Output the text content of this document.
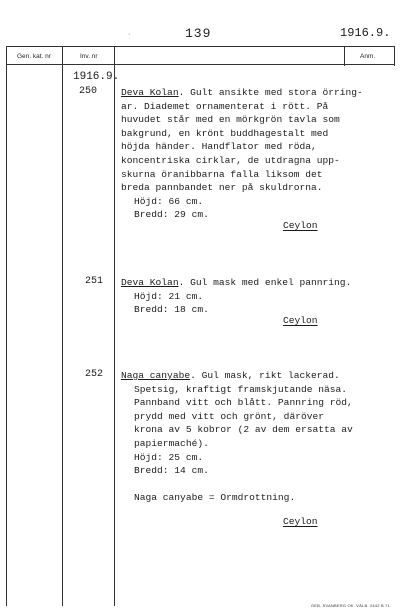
ᐧ	139	1916.9.
Gen. kat. nr	Inv. nr	Anm.
1916.9.
250 Deva Kolan. Gult ansikte med stora örring-
ar. Diademet ornamenterat i rött. På
huvudet står med en mörkgrön tavla som
bakgrund, en krönt buddhagestalt med
höjda händer. Handflator med röda,
koncentriska cirklar, de utdragna upp-
skurna öranibbarna falla liksom det
breda pannbandet ner på skuldrorna.
Höjd: 66 cm.
Bredd: 29 cm.
Ceylon
251 Deva Kolan. Gul mask med enkel pannring.
Höjd: 21 cm.
Bredd: 18 cm.
Ceylon
252 Naga canyabe. Gul mask, rikt lackerad.
Spetsig, kraftigt framskjutande näsa.
Pannband vitt och blått. Pannring röd,
prydd med vitt och grönt, däröver
krona av 5 kobror (2 av dem ersatta av
papiermaché).
Höjd: 25 cm.
Bredd: 14 cm.
Naga canyabe = Ormdrottning.
Ceylon
GEB. SVANBERG OK. VÄLB. 2442 B 71
